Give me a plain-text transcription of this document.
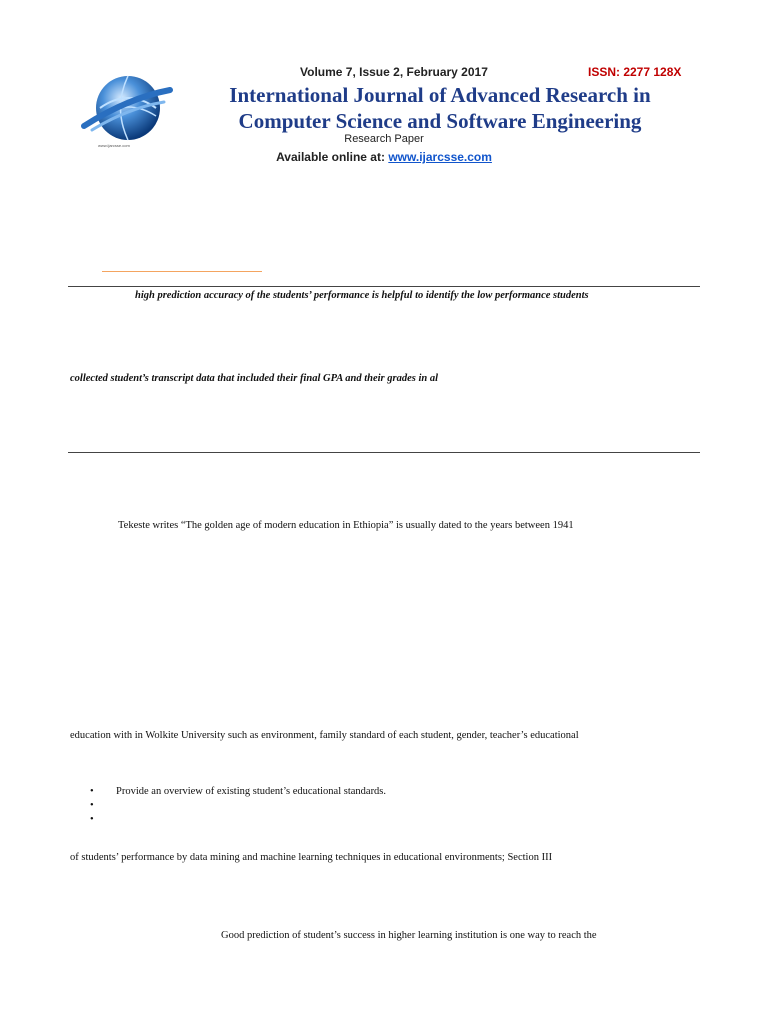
www.ijarcsse.com
Volume 7, Issue 2, February 2017	ISSN: 2277 128X
International Journal of Advanced Research in
Computer Science and Software Engineering
Research Paper
Available online at: www.ijarcsse.com
high prediction accuracy of the students’ performance is helpful to identify the low performance students
collected student’s transcript data that included their final GPA and their grades in al
Tekeste writes “The golden age of modern education in Ethiopia” is usually dated to the years between 1941
education with in Wolkite University such as environment, family standard of each student, gender, teacher’s educational
• Provide an overview of existing student’s educational standards.
•
•
of students’ performance by data mining and machine learning techniques in educational environments; Section III
Good prediction of student’s success in higher learning institution is one way to reach the
